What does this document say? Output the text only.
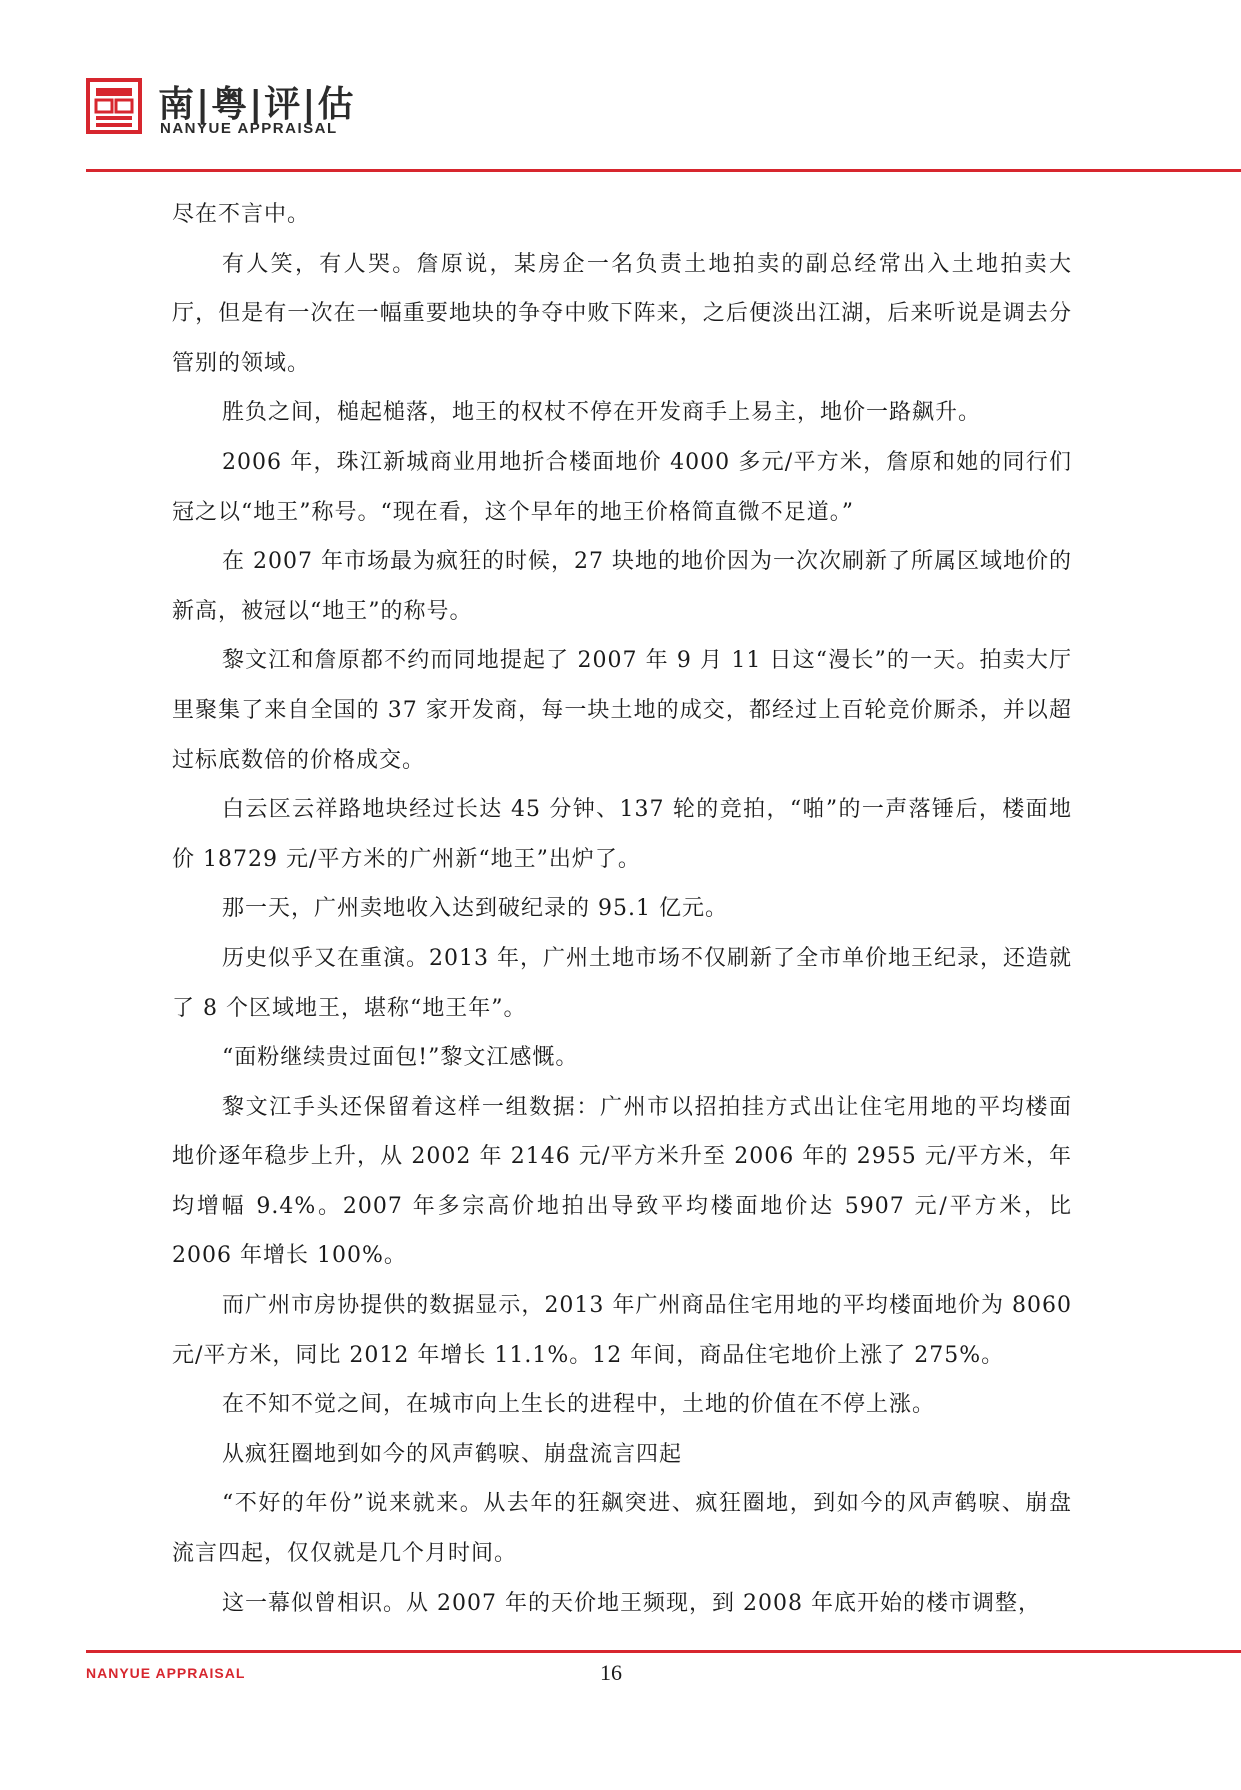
南|粤|评|估
NANYUE APPRAISAL

尽在不言中。

有人笑，有人哭。詹原说，某房企一名负责土地拍卖的副总经常出入土地拍卖大厅，但是有一次在一幅重要地块的争夺中败下阵来，之后便淡出江湖，后来听说是调去分管别的领域。

胜负之间，槌起槌落，地王的权杖不停在开发商手上易主，地价一路飙升。

2006 年，珠江新城商业用地折合楼面地价 4000 多元/平方米，詹原和她的同行们冠之以“地王”称号。“现在看，这个早年的地王价格简直微不足道。”

在 2007 年市场最为疯狂的时候，27 块地的地价因为一次次刷新了所属区域地价的新高，被冠以“地王”的称号。

黎文江和詹原都不约而同地提起了 2007 年 9 月 11 日这“漫长”的一天。拍卖大厅里聚集了来自全国的 37 家开发商，每一块土地的成交，都经过上百轮竞价厮杀，并以超过标底数倍的价格成交。

白云区云祥路地块经过长达 45 分钟、137 轮的竞拍，“啪”的一声落锤后，楼面地价 18729 元/平方米的广州新“地王”出炉了。

那一天，广州卖地收入达到破纪录的 95.1 亿元。

历史似乎又在重演。2013 年，广州土地市场不仅刷新了全市单价地王纪录，还造就了 8 个区域地王，堪称“地王年”。

“面粉继续贵过面包!”黎文江感慨。

黎文江手头还保留着这样一组数据：广州市以招拍挂方式出让住宅用地的平均楼面地价逐年稳步上升，从 2002 年 2146 元/平方米升至 2006 年的 2955 元/平方米，年均增幅 9.4%。2007 年多宗高价地拍出导致平均楼面地价达 5907 元/平方米，比 2006 年增长 100%。

而广州市房协提供的数据显示，2013 年广州商品住宅用地的平均楼面地价为 8060 元/平方米，同比 2012 年增长 11.1%。12 年间，商品住宅地价上涨了 275%。

在不知不觉之间，在城市向上生长的进程中，土地的价值在不停上涨。

从疯狂圈地到如今的风声鹤唳、崩盘流言四起

“不好的年份”说来就来。从去年的狂飙突进、疯狂圈地，到如今的风声鹤唳、崩盘流言四起，仅仅就是几个月时间。

这一幕似曾相识。从 2007 年的天价地王频现，到 2008 年底开始的楼市调整，

NANYUE APPRAISAL	16
